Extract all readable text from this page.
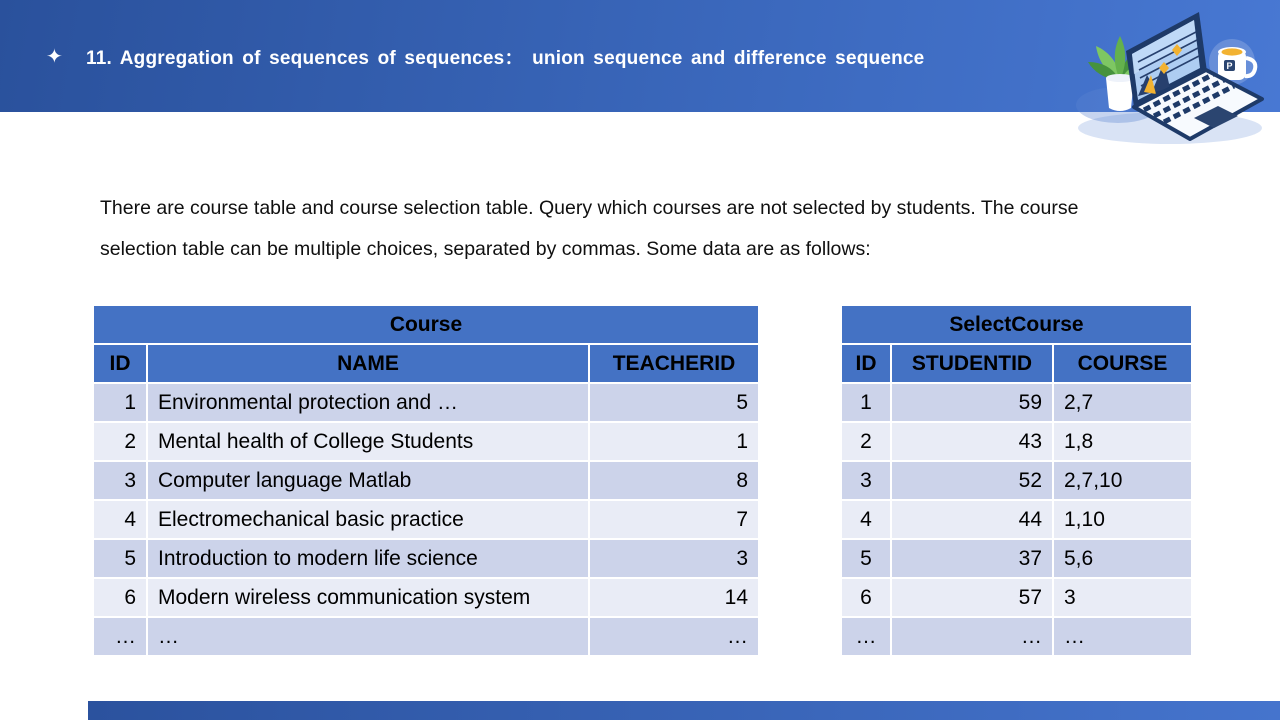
✦ 11. Aggregation of sequences of sequences： union sequence and difference sequence	P
There are course table and course selection table. Query which courses are not selected by students. The course selection table can be multiple choices, separated by commas. Some data are as follows:
Course		
ID	NAME	TEACHERID
1	Environmental protection and …	5
2	Mental health of College Students	1
3	Computer language Matlab	8
4	Electromechanical basic practice	7
5	Introduction to modern life science	3
6	Modern wireless communication system	14
…	…	…
SelectCourse		
ID	STUDENTID	COURSE
1	59	2,7
2	43	1,8
3	52	2,7,10
4	44	1,10
5	37	5,6
6	57	3
…	…	…
